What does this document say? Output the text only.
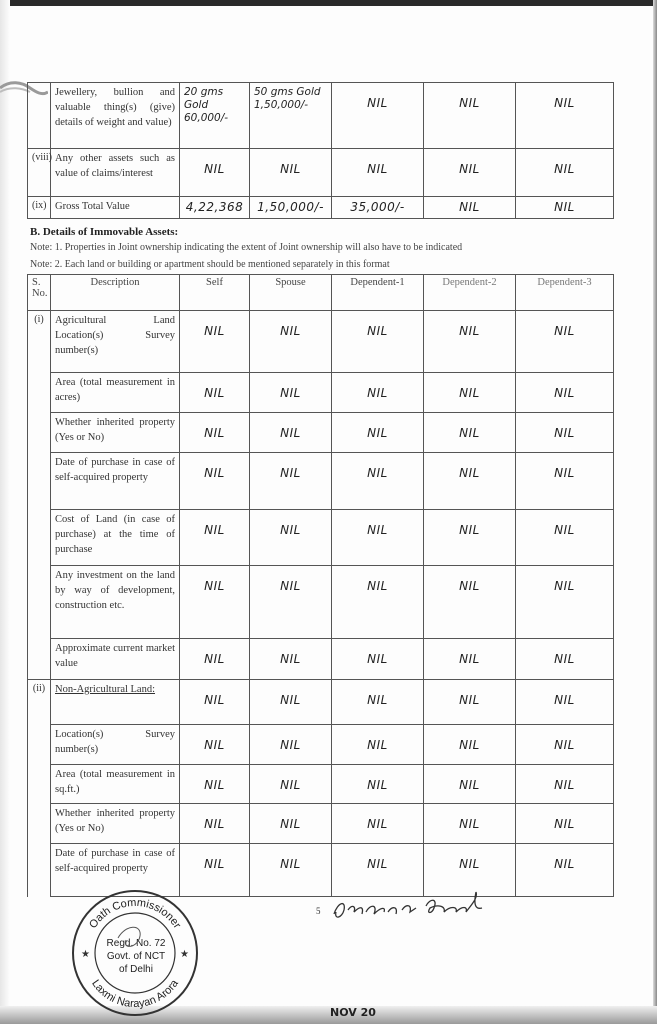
	Jewellery, bullion and valuable thing(s) (give) details of weight and value)	20 gms Gold 60,000/-	50 gms Gold 1,50,000/-	NIL	NIL	NIL
(viii)	Any other assets such as value of claims/interest	NIL	NIL	NIL	NIL	NIL
(ix)	Gross Total Value	4,22,368	1,50,000/-	35,000/-	NIL	NIL
B. Details of Immovable Assets:
Note: 1. Properties in Joint ownership indicating the extent of Joint ownership will also have to be indicated
Note: 2. Each land or building or apartment should be mentioned separately in this format
S. No.	Description	Self	Spouse	Dependent-1	Dependent-2	Dependent-3
(i)	Agricultural Land Location(s) Survey number(s)	NIL	NIL	NIL	NIL	NIL
	Area (total measurement in acres)	NIL	NIL	NIL	NIL	NIL
	Whether inherited property (Yes or No)	NIL	NIL	NIL	NIL	NIL
	Date of purchase in case of self-acquired property	NIL	NIL	NIL	NIL	NIL
	Cost of Land (in case of purchase) at the time of purchase	NIL	NIL	NIL	NIL	NIL
	Any investment on the land by way of development, construction etc.	NIL	NIL	NIL	NIL	NIL
	Approximate current market value	NIL	NIL	NIL	NIL	NIL
(ii)	Non-Agricultural Land:	NIL	NIL	NIL	NIL	NIL
	Location(s) Survey number(s)	NIL	NIL	NIL	NIL	NIL
	Area (total measurement in sq.ft.)	NIL	NIL	NIL	NIL	NIL
	Whether inherited property (Yes or No)	NIL	NIL	NIL	NIL	NIL
	Date of purchase in case of self-acquired property	NIL	NIL	NIL	NIL	NIL
5
Oath Commissioner
Laxmi Narayan Arora
Regd. No. 72
Govt. of NCT
of Delhi
★	★
NOV 20
